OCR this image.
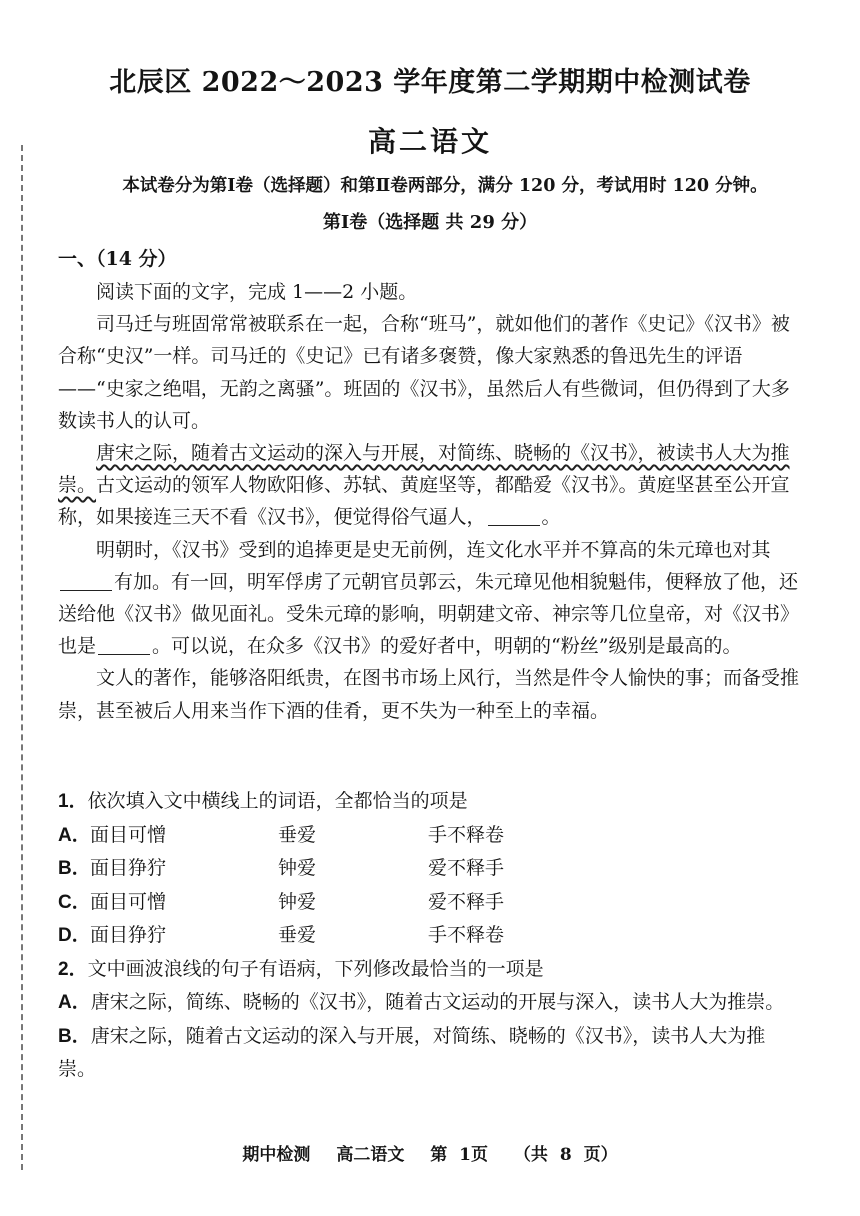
北辰区 2022～2023 学年度第二学期期中检测试卷
高二语文
本试卷分为第Ⅰ卷（选择题）和第Ⅱ卷两部分，满分 120 分，考试用时 120 分钟。
第Ⅰ卷（选择题 共 29 分）
一、（14 分）

阅读下面的文字，完成 1——2 小题。

司马迁与班固常常被联系在一起，合称“班马”，就如他们的著作《史记》《汉书》被合称“史汉”一样。司马迁的《史记》已有诸多褒赞，像大家熟悉的鲁迅先生的评语——“史家之绝唱，无韵之离骚”。班固的《汉书》，虽然后人有些微词，但仍得到了大多数读书人的认可。

唐宋之际，随着古文运动的深入与开展，对简练、晓畅的《汉书》，被读书人大为推崇。古文运动的领军人物欧阳修、苏轼、黄庭坚等，都酷爱《汉书》。黄庭坚甚至公开宣称，如果接连三天不看《汉书》，便觉得俗气逼人，	。

明朝时，《汉书》受到的追捧更是史无前例，连文化水平并不算高的朱元璋也对其有加。有一回，明军俘虏了元朝官员郭云，朱元璋见他相貌魁伟，便释放了他，还送给他《汉书》做见面礼。受朱元璋的影响，明朝建文帝、神宗等几位皇帝，对《汉书》也是	。可以说，在众多《汉书》的爱好者中，明朝的“粉丝”级别是最高的。

文人的著作，能够洛阳纸贵，在图书市场上风行，当然是件令人愉快的事；而备受推崇，甚至被后人用来当作下酒的佳肴，更不失为一种至上的幸福。

1．依次填入文中横线上的词语，全都恰当的项是

A．面目可憎	垂爱	手不释卷

B．面目狰狞	钟爱	爱不释手

C．面目可憎	钟爱	爱不释手

D．面目狰狞	垂爱	手不释卷

2．文中画波浪线的句子有语病，下列修改最恰当的一项是

A．唐宋之际，简练、晓畅的《汉书》，随着古文运动的开展与深入，读书人大为推崇。

B．唐宋之际，随着古文运动的深入与开展，对简练、晓畅的《汉书》，读书人大为推崇。

期中检测 高二语文 第 1页 （共 8 页）
